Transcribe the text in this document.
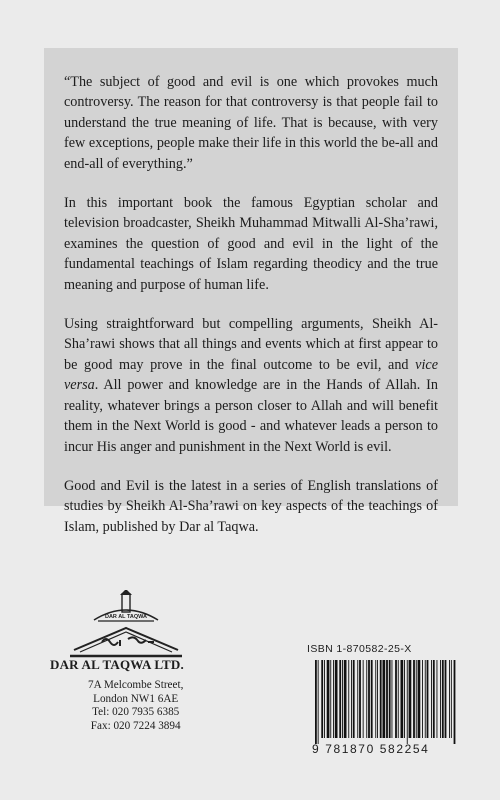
“The subject of good and evil is one which provokes much controversy. The reason for that controversy is that people fail to understand the true meaning of life. That is because, with very few exceptions, people make their life in this world the be-all and end-all of everything.”

In this important book the famous Egyptian scholar and television broadcaster, Sheikh Muhammad Mitwalli Al-Sha’rawi, examines the question of good and evil in the light of the fundamental teachings of Islam regarding theodicy and the true meaning and purpose of human life.

Using straightforward but compelling arguments, Sheikh Al-Sha’rawi shows that all things and events which at first appear to be good may prove in the final outcome to be evil, and vice versa. All power and knowledge are in the Hands of Allah. In reality, whatever brings a person closer to Allah and will benefit them in the Next World is good - and whatever leads a person to incur His anger and punishment in the Next World is evil.

Good and Evil is the latest in a series of English translations of studies by Sheikh Al-Sha’rawi on key aspects of the teachings of Islam, published by Dar al Taqwa.

DAR AL TAQWA
DAR AL TAQWA LTD.
7A Melcombe Street,
London NW1 6AE
Tel: 020 7935 6385
Fax: 020 7224 3894
ISBN 1-870582-25-X
9 781870 582254
